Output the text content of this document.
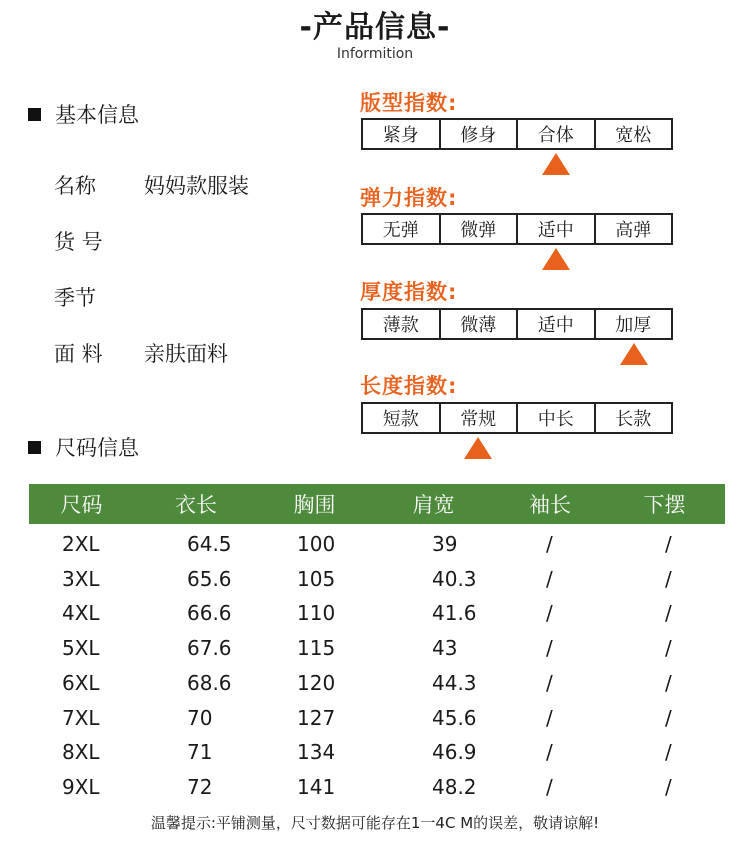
-产品信息-
Informition
基本信息
名称	妈妈款服装
货 号
季节
面 料	亲肤面料
版型指数:
紧身	修身	合体	宽松
弹力指数:
无弹	微弹	适中	高弹
厚度指数:
薄款	微薄	适中	加厚
长度指数:
短款	常规	中长	长款
尺码信息
尺码	衣长	胸围	肩宽	袖长	下摆
2XL	64.5	100	39	/	/
3XL	65.6	105	40.3	/	/
4XL	66.6	110	41.6	/	/
5XL	67.6	115	43	/	/
6XL	68.6	120	44.3	/	/
7XL	70	127	45.6	/	/
8XL	71	134	46.9	/	/
9XL	72	141	48.2	/	/
温馨提示:平铺测量，尺寸数据可能存在1一4C M的误差，敬请谅解!
